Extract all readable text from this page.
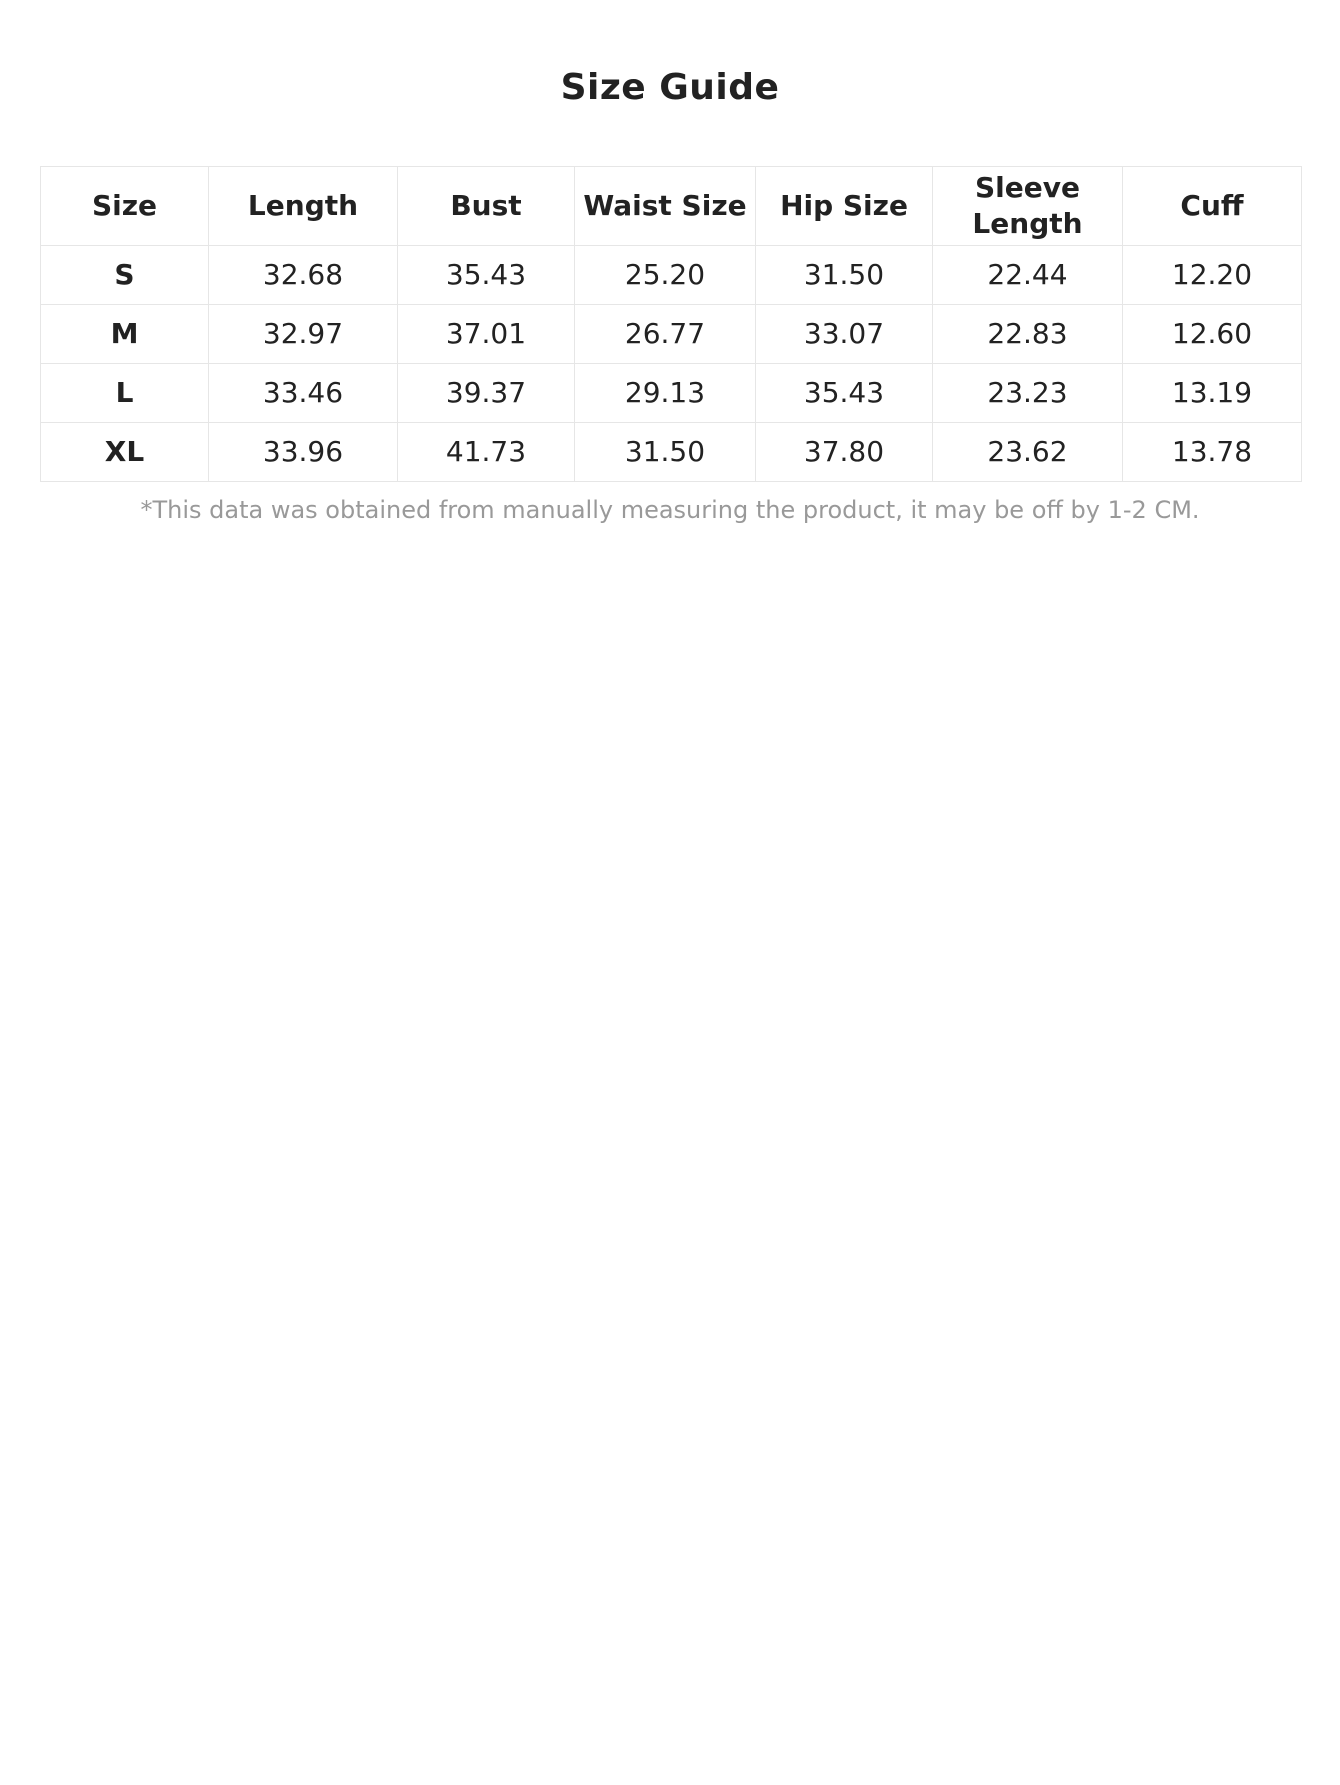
Size Guide
Size	Length	Bust	Waist Size	Hip Size	Sleeve Length	Cuff
S	32.68	35.43	25.20	31.50	22.44	12.20
M	32.97	37.01	26.77	33.07	22.83	12.60
L	33.46	39.37	29.13	35.43	23.23	13.19
XL	33.96	41.73	31.50	37.80	23.62	13.78
*This data was obtained from manually measuring the product, it may be off by 1-2 CM.
